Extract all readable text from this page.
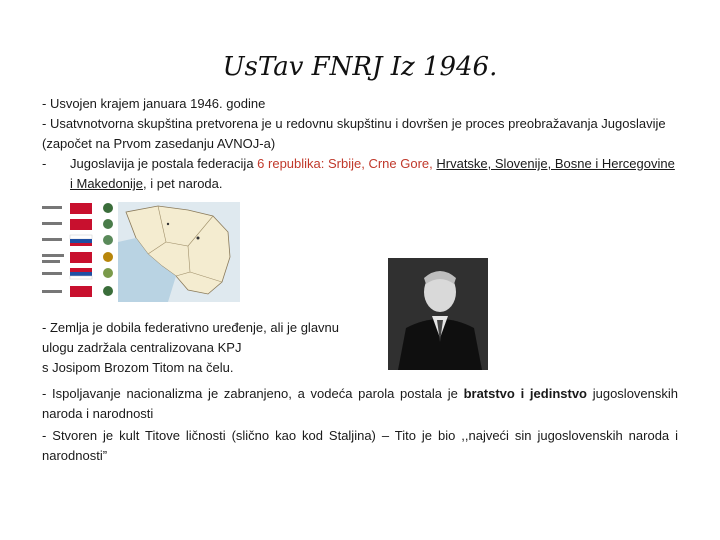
UsTav FNRJ Iz 1946.
- Usvojen krajem januara 1946. godine
- Usatvnotvorna skupština pretvorena je u redovnu skupštinu i dovršen je proces preobražavanja Jugoslavije (započet na Prvom zasedanju AVNOJ-a)
-	Jugoslavija je postala federacija 6 republika: Srbije, Crne Gore, Hrvatske, Slovenije, Bosne i Hercegovine i Makedonije, i pet naroda.
- Zemlja je dobila federativno uređenje, ali je glavnu
ulogu zadržala centralizovana KPJ
s Josipom Brozom Titom na čelu.
- Ispoljavanje nacionalizma je zabranjeno, a vodeća parola postala je bratstvo i jedinstvo jugoslovenskih naroda i narodnosti
- Stvoren je kult Titove ličnosti (slično kao kod Staljina) – Tito je bio ,,najveći sin jugoslovenskih naroda i narodnosti”
